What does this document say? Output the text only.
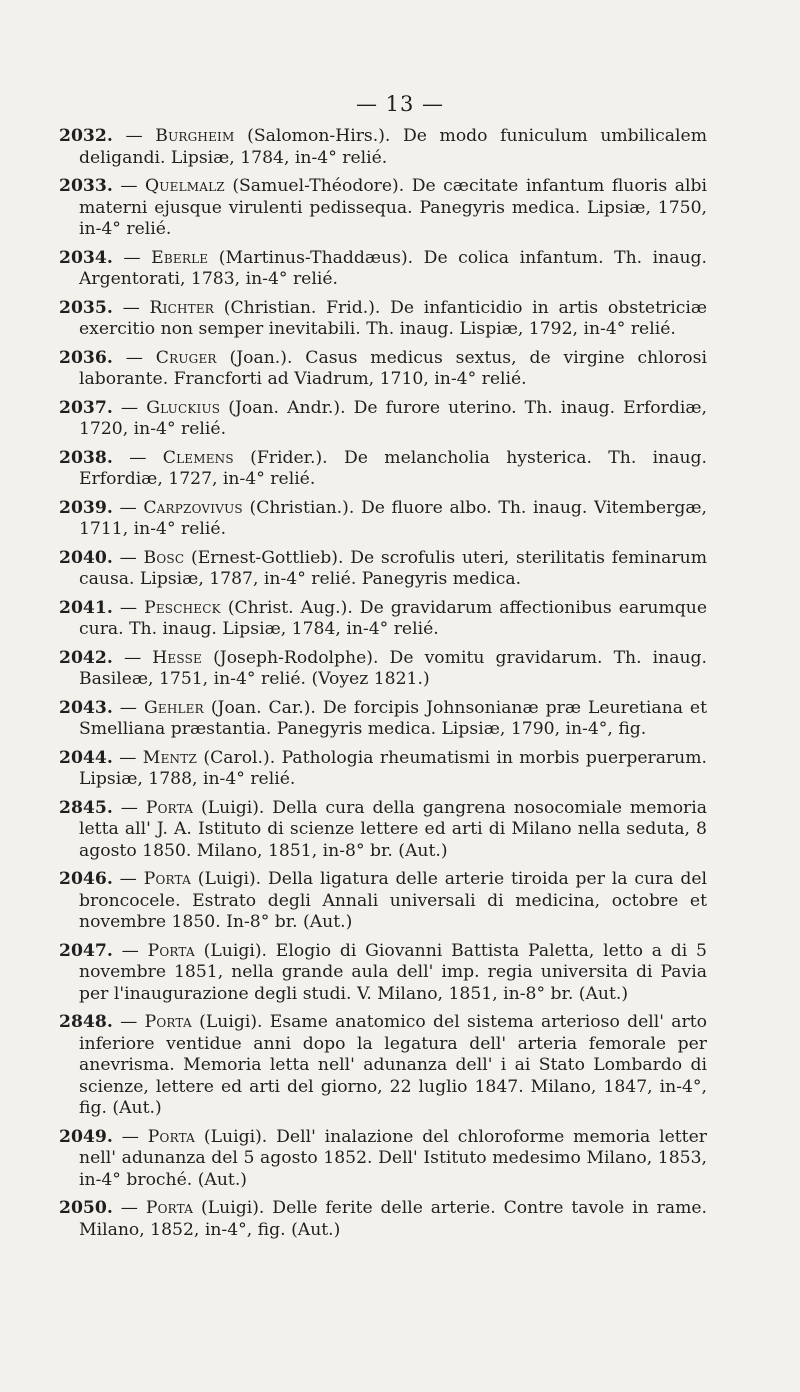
— 13 —

2032. — Burgheim (Salomon-Hirs.). De modo funiculum umbilicalem deligandi. Lipsiæ, 1784, in-4° relié.

2033. — Quelmalz (Samuel-Théodore). De cæcitate infantum fluoris albi materni ejusque virulenti pedissequa. Panegyris medica. Lipsiæ, 1750, in-4° relié.

2034. — Eberle (Martinus-Thaddæus). De colica infantum. Th. inaug. Argentorati, 1783, in-4° relié.

2035. — Richter (Christian. Frid.). De infanticidio in artis obstetriciæ exercitio non semper inevitabili. Th. inaug. Lispiæ, 1792, in-4° relié.

2036. — Cruger (Joan.). Casus medicus sextus, de virgine chlorosi laborante. Francforti ad Viadrum, 1710, in-4° relié.

2037. — Gluckius (Joan. Andr.). De furore uterino. Th. inaug. Erfordiæ, 1720, in-4° relié.

2038. — Clemens (Frider.). De melancholia hysterica. Th. inaug. Erfordiæ, 1727, in-4° relié.

2039. — Carpzovivus (Christian.). De fluore albo. Th. inaug. Vitembergæ, 1711, in-4° relié.

2040. — Bosc (Ernest-Gottlieb). De scrofulis uteri, sterilitatis feminarum causa. Lipsiæ, 1787, in-4° relié. Panegyris medica.

2041. — Pescheck (Christ. Aug.). De gravidarum affectionibus earumque cura. Th. inaug. Lipsiæ, 1784, in-4° relié.

2042. — Hesse (Joseph-Rodolphe). De vomitu gravidarum. Th. inaug. Basileæ, 1751, in-4° relié. (Voyez 1821.)

2043. — Gehler (Joan. Car.). De forcipis Johnsonianæ præ Leuretiana et Smelliana præstantia. Panegyris medica. Lipsiæ, 1790, in-4°, fig.

2044. — Mentz (Carol.). Pathologia rheumatismi in morbis puerperarum. Lipsiæ, 1788, in-4° relié.

2845. — Porta (Luigi). Della cura della gangrena nosocomiale memoria letta all' J. A. Istituto di scienze lettere ed arti di Milano nella seduta, 8 agosto 1850. Milano, 1851, in-8° br. (Aut.)

2046. — Porta (Luigi). Della ligatura delle arterie tiroida per la cura del broncocele. Estrato degli Annali universali di medicina, octobre et novembre 1850. In-8° br. (Aut.)

2047. — Porta (Luigi). Elogio di Giovanni Battista Paletta, letto a di 5 novembre 1851, nella grande aula dell' imp. regia universita di Pavia per l'inaugurazione degli studi. V. Milano, 1851, in-8° br. (Aut.)

2848. — Porta (Luigi). Esame anatomico del sistema arterioso dell' arto inferiore ventidue anni dopo la legatura dell' arteria femorale per anevrisma. Memoria letta nell' adunanza dell' i ai Stato Lombardo di scienze, lettere ed arti del giorno, 22 luglio 1847. Milano, 1847, in-4°, fig. (Aut.)

2049. — Porta (Luigi). Dell' inalazione del chloroforme memoria letter nell' adunanza del 5 agosto 1852. Dell' Istituto medesimo Milano, 1853, in-4° broché. (Aut.)

2050. — Porta (Luigi). Delle ferite delle arterie. Contre tavole in rame. Milano, 1852, in-4°, fig. (Aut.)
